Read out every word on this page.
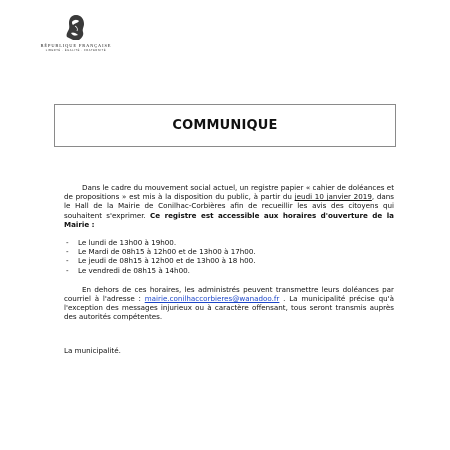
RÉPUBLIQUE FRANÇAISE
LIBERTÉ · ÉGALITÉ · FRATERNITÉ
COMMUNIQUE

Dans le cadre du mouvement social actuel, un registre papier « cahier de doléances et de propositions » est mis à la disposition du public, à partir du jeudi 10 janvier 2019, dans le Hall de la Mairie de Conilhac-Corbières afin de recueillir les avis des citoyens qui souhaitent s'exprimer. Ce registre est accessible aux horaires d'ouverture de la Mairie :

- Le lundi de 13h00 à 19h00.
- Le Mardi de 08h15 à 12h00 et de 13h00 à 17h00.
- Le jeudi de 08h15 à 12h00 et de 13h00 à 18 h00.
- Le vendredi de 08h15 à 14h00.

En dehors de ces horaires, les administrés peuvent transmettre leurs doléances par courriel à l'adresse : mairie.conilhaccorbieres@wanadoo.fr . La municipalité précise qu'à l'exception des messages injurieux ou à caractère offensant, tous seront transmis auprès des autorités compétentes.

La municipalité.
